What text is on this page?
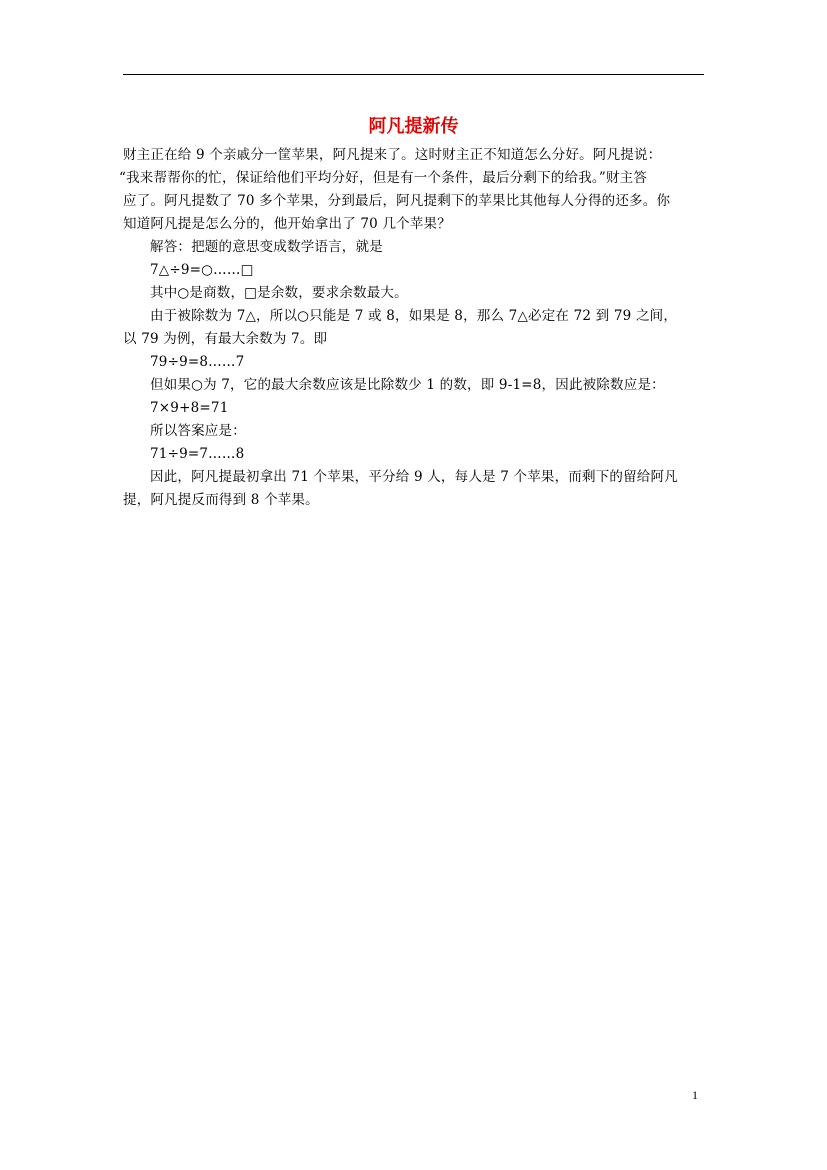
阿凡提新传
财主正在给 9 个亲戚分一筐苹果，阿凡提来了。这时财主正不知道怎么分好。阿凡提说：
“我来帮帮你的忙，保证给他们平均分好，但是有一个条件，最后分剩下的给我。”财主答
应了。阿凡提数了 70 多个苹果，分到最后，阿凡提剩下的苹果比其他每人分得的还多。你
知道阿凡提是怎么分的，他开始拿出了 70 几个苹果？
解答：把题的意思变成数学语言，就是
7△÷9=○……□
其中○是商数，□是余数，要求余数最大。
由于被除数为 7△，所以○只能是 7 或 8，如果是 8，那么 7△必定在 72 到 79 之间，
以 79 为例，有最大余数为 7。即
79÷9=8……7
但如果○为 7，它的最大余数应该是比除数少 1 的数，即 9-1=8，因此被除数应是：
7×9+8=71
所以答案应是：
71÷9=7……8
因此，阿凡提最初拿出 71 个苹果，平分给 9 人，每人是 7 个苹果，而剩下的留给阿凡
提，阿凡提反而得到 8 个苹果。
1
